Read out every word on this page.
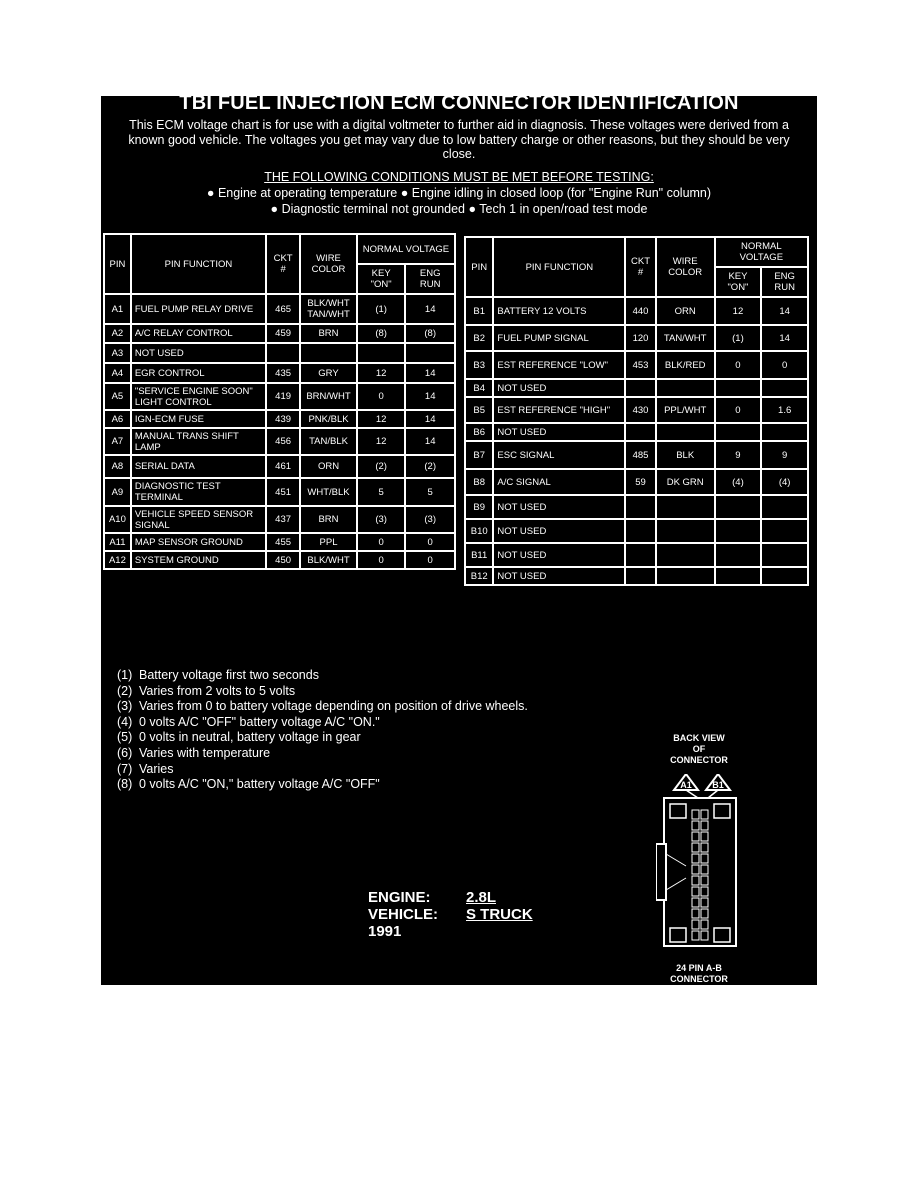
TBI FUEL INJECTION ECM CONNECTOR IDENTIFICATION
This ECM voltage chart is for use with a digital voltmeter to further aid in diagnosis. These voltages were derived from a known good vehicle. The voltages you get may vary due to low battery charge or other reasons, but they should be very close.
THE FOLLOWING CONDITIONS MUST BE MET BEFORE TESTING:
● Engine at operating temperature ● Engine idling in closed loop (for "Engine Run" column)
● Diagnostic terminal not grounded ● Tech 1 in open/road test mode
PIN	PIN FUNCTION	CKT #	WIRE COLOR	NORMAL VOLTAGE	
				KEY "ON"	ENG RUN
A1	FUEL PUMP RELAY DRIVE	465	BLK/WHT TAN/WHT	(1)	14
A2	A/C RELAY CONTROL	459	BRN	(8)	(8)
A3	NOT USED				
A4	EGR CONTROL	435	GRY	12	14
A5	"SERVICE ENGINE SOON" LIGHT CONTROL	419	BRN/WHT	0	14
A6	IGN-ECM FUSE	439	PNK/BLK	12	14
A7	MANUAL TRANS SHIFT LAMP	456	TAN/BLK	12	14
A8	SERIAL DATA	461	ORN	(2)	(2)
A9	DIAGNOSTIC TEST TERMINAL	451	WHT/BLK	5	5
A10	VEHICLE SPEED SENSOR SIGNAL	437	BRN	(3)	(3)
A11	MAP SENSOR GROUND	455	PPL	0	0
A12	SYSTEM GROUND	450	BLK/WHT	0	0
PIN	PIN FUNCTION	CKT #	WIRE COLOR	NORMAL VOLTAGE	
				KEY "ON"	ENG RUN
B1	BATTERY 12 VOLTS	440	ORN	12	14
B2	FUEL PUMP SIGNAL	120	TAN/WHT	(1)	14
B3	EST REFERENCE "LOW"	453	BLK/RED	0	0
B4	NOT USED				
B5	EST REFERENCE "HIGH"	430	PPL/WHT	0	1.6
B6	NOT USED				
B7	ESC SIGNAL	485	BLK	9	9
B8	A/C SIGNAL	59	DK GRN	(4)	(4)
B9	NOT USED				
B10	NOT USED				
B11	NOT USED				
B12	NOT USED				
(1) Battery voltage first two seconds
(2) Varies from 2 volts to 5 volts
(3) Varies from 0 to battery voltage depending on position of drive wheels.
(4) 0 volts A/C "OFF" battery voltage A/C "ON."
(5) 0 volts in neutral, battery voltage in gear
(6) Varies with temperature
(7) Varies
(8) 0 volts A/C "ON," battery voltage A/C "OFF"
ENGINE:	2.8L
VEHICLE:	S TRUCK
1991
BACK VIEW
OF
CONNECTOR
A1 B1
24 PIN A-B
CONNECTOR
